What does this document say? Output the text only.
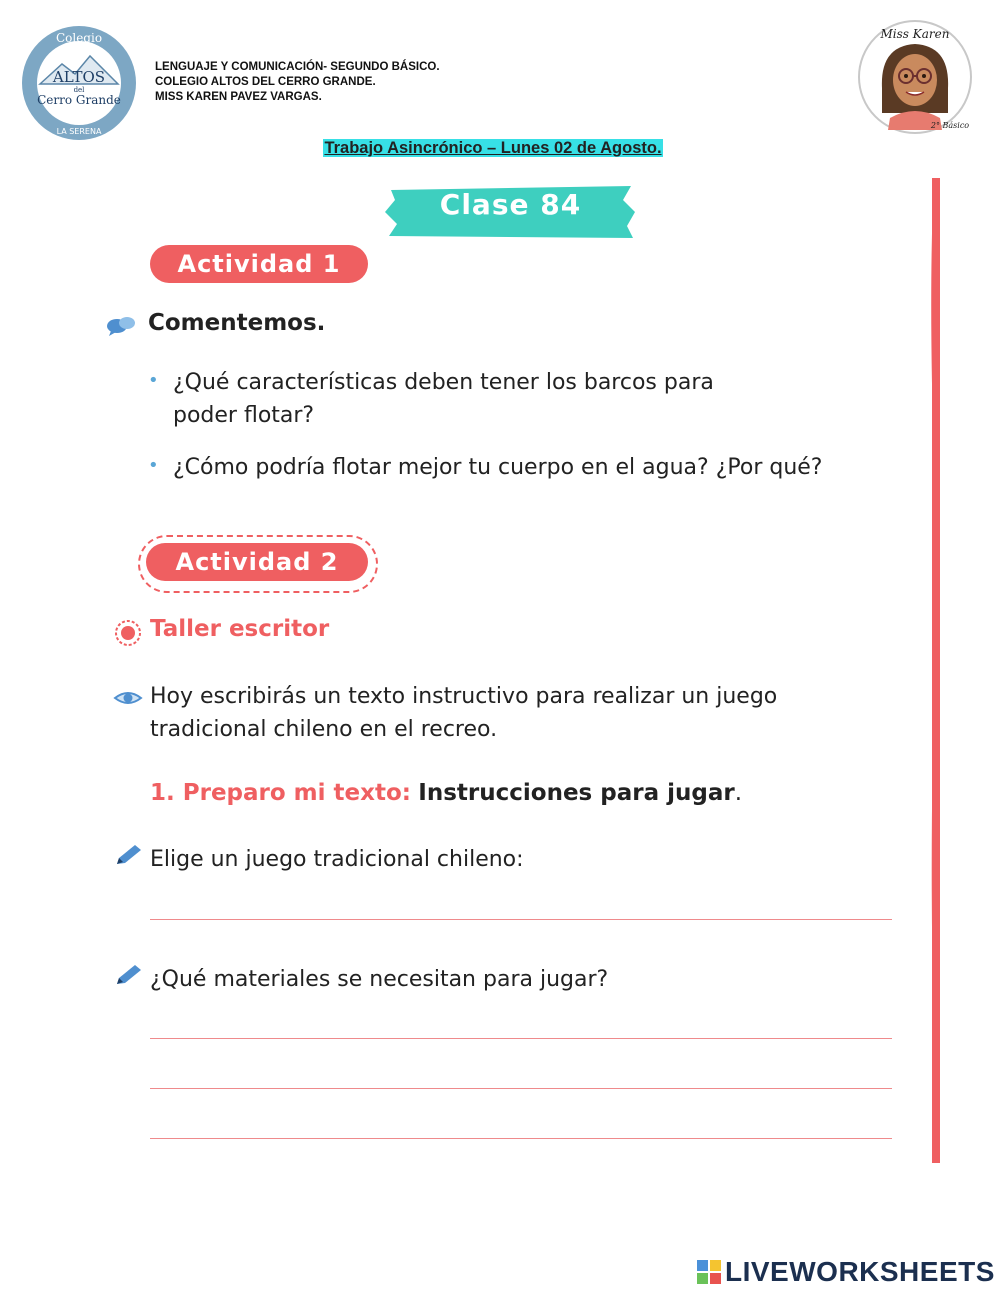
Colegio
ALTOS
del
Cerro Grande
LA SERENA
LENGUAJE Y COMUNICACIÓN- SEGUNDO BÁSICO.
COLEGIO ALTOS DEL CERRO GRANDE.
MISS KAREN PAVEZ VARGAS.
Miss Karen
2° Básico
Trabajo Asincrónico – Lunes 02 de Agosto.
Clase 84
Actividad 1
Comentemos.
• ¿Qué características deben tener los barcos para
poder flotar?
• ¿Cómo podría flotar mejor tu cuerpo en el agua? ¿Por qué?
Actividad 2
Taller escritor
Hoy escribirás un texto instructivo para realizar un juego
tradicional chileno en el recreo.
1. Preparo mi texto: Instrucciones para jugar.
Elige un juego tradicional chileno:
¿Qué materiales se necesitan para jugar?
LIVEWORKSHEETS
